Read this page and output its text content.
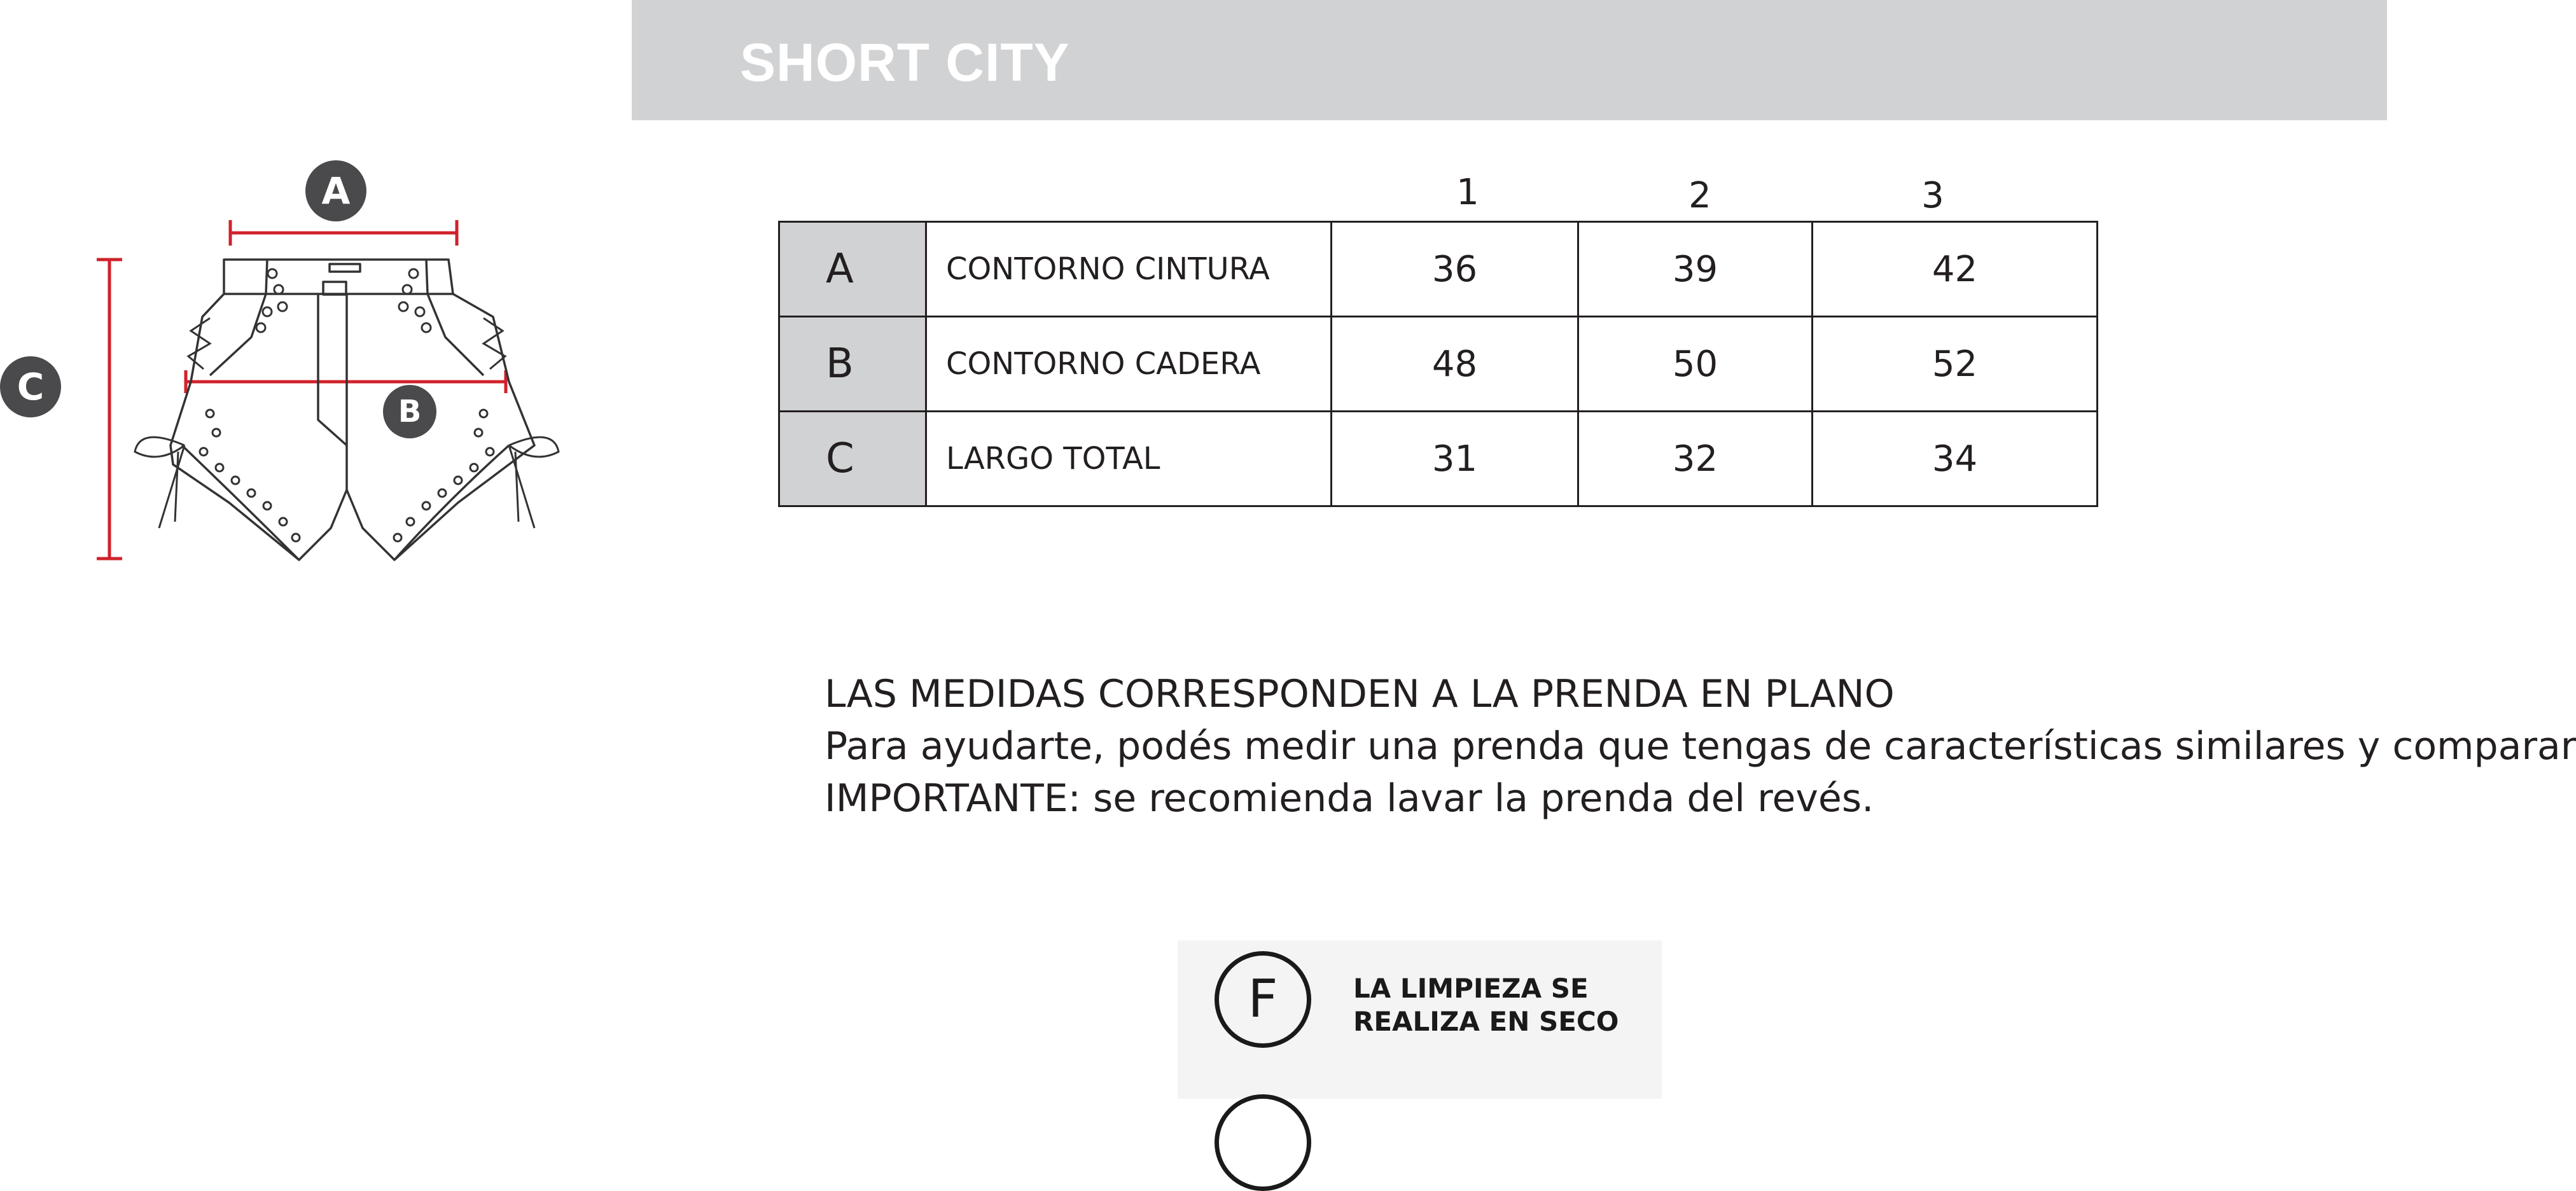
SHORT CITY
A
B
C
1	2	3
A	CONTORNO CINTURA	36	39	42
B	CONTORNO CADERA	48	50	52
C	LARGO TOTAL	31	32	34
LAS MEDIDAS CORRESPONDEN A LA PRENDA EN PLANO
Para ayudarte, podés medir una prenda que tengas de características similares y comparar
IMPORTANTE: se recomienda lavar la prenda del revés.
F	LA LIMPIEZA SE
REALIZA EN SECO
